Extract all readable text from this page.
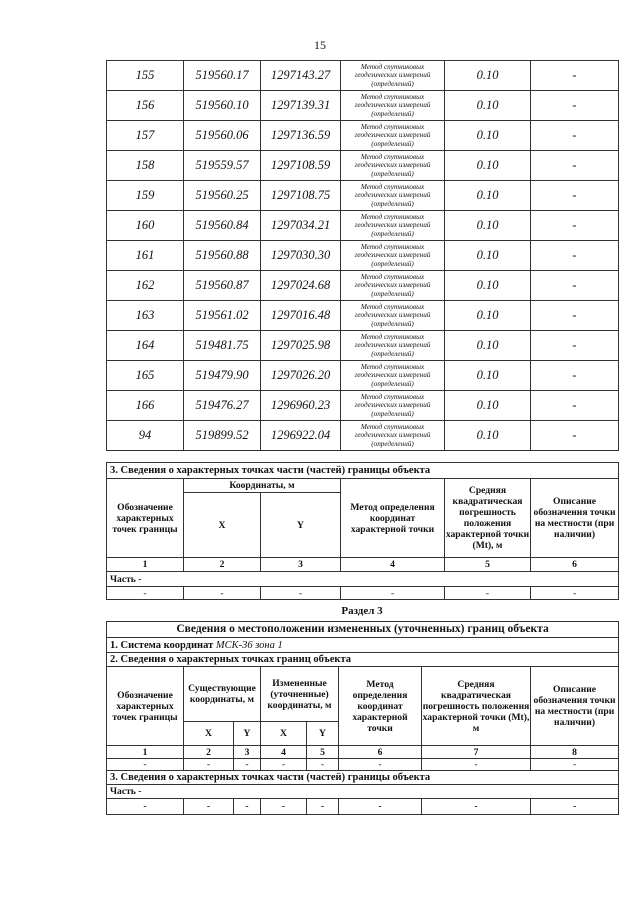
15
155	519560.17	1297143.27	Метод спутниковых геодезических измерений (определений)	0.10	-
156	519560.10	1297139.31	Метод спутниковых геодезических измерений (определений)	0.10	-
157	519560.06	1297136.59	Метод спутниковых геодезических измерений (определений)	0.10	-
158	519559.57	1297108.59	Метод спутниковых геодезических измерений (определений)	0.10	-
159	519560.25	1297108.75	Метод спутниковых геодезических измерений (определений)	0.10	-
160	519560.84	1297034.21	Метод спутниковых геодезических измерений (определений)	0.10	-
161	519560.88	1297030.30	Метод спутниковых геодезических измерений (определений)	0.10	-
162	519560.87	1297024.68	Метод спутниковых геодезических измерений (определений)	0.10	-
163	519561.02	1297016.48	Метод спутниковых геодезических измерений (определений)	0.10	-
164	519481.75	1297025.98	Метод спутниковых геодезических измерений (определений)	0.10	-
165	519479.90	1297026.20	Метод спутниковых геодезических измерений (определений)	0.10	-
166	519476.27	1296960.23	Метод спутниковых геодезических измерений (определений)	0.10	-
94	519899.52	1296922.04	Метод спутниковых геодезических измерений (определений)	0.10	-
3. Сведения о характерных точках части (частей) границы объекта					
Обозначение характерных точек границы	Координаты, м		Метод определения координат характерной точки	Средняя квадратическая погрешность положения характерной точки (Mt), м	Описание обозначения точки на местности (при наличии)
	X	Y			
1	2	3	4	5	6
Часть -					
-	-	-	-	-	-
Раздел 3
Сведения о местоположении измененных (уточненных) границ объекта							
1. Система координат МСК-36 зона 1							
2. Сведения о характерных точках границ объекта							
Обозначение характерных точек границы	Существующие координаты, м		Измененные (уточненные) координаты, м		Метод определения координат характерной точки	Средняя квадратическая погрешность положения характерной точки (Mt), м	Описание обозначения точки на местности (при наличии)
	X	Y	X	Y			
1	2	3	4	5	6	7	8
-	-	-	-	-	-	-	-
3. Сведения о характерных точках части (частей) границы объекта							
Часть -							
-	-	-	-	-	-	-	-
